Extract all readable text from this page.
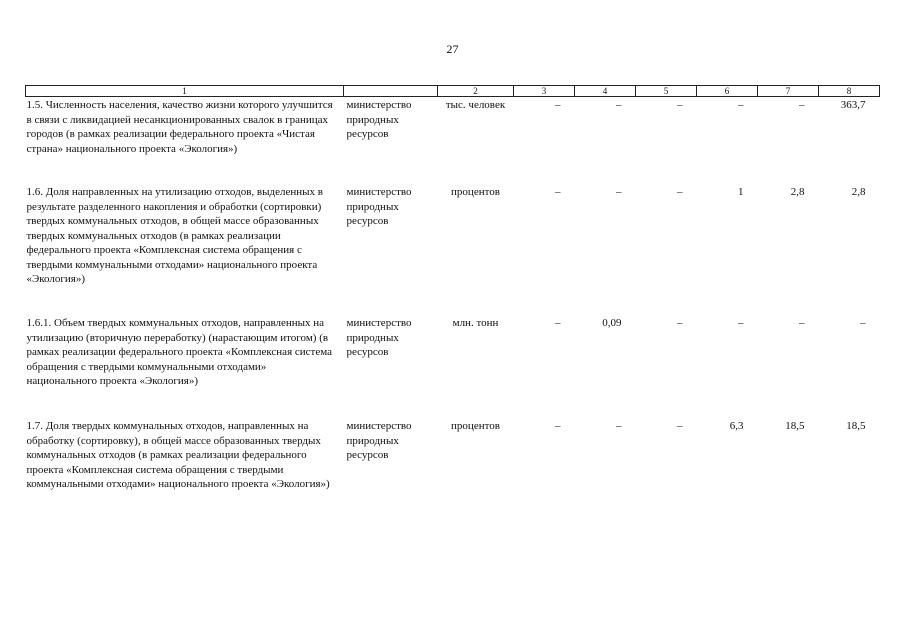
27
1		2	3	4	5	6	7	8
1.5. Численность населения, качество жизни которого улучшится в связи с ликвидацией несанкционированных свалок в границах городов (в рамках реализации федерального проекта «Чистая страна» национального проекта «Экология»)	министерство природных ресурсов	тыс. человек	–	–	–	–	–	363,7
1.6. Доля направленных на утилизацию отходов, выделенных в результате разделенного накопления и обработки (сортировки) твердых коммунальных отходов, в общей массе образованных твердых коммунальных отходов (в рамках реализации федерального проекта «Комплексная система обращения с твердыми коммунальными отходами» национального проекта «Экология»)	министерство природных ресурсов	процентов	–	–	–	1	2,8	2,8
1.6.1. Объем твердых коммунальных отходов, направленных на утилизацию (вторичную переработку) (нарастающим итогом) (в рамках реализации федерального проекта «Комплексная система обращения с твердыми коммунальными отходами» национального проекта «Экология»)	министерство природных ресурсов	млн. тонн	–	0,09	–	–	–	–
1.7. Доля твердых коммунальных отходов, направленных на обработку (сортировку), в общей массе образованных твердых коммунальных отходов (в рамках реализации федерального проекта «Комплексная система обращения с твердыми коммунальными отходами» национального проекта «Экология»)	министерство природных ресурсов	процентов	–	–	–	6,3	18,5	18,5
